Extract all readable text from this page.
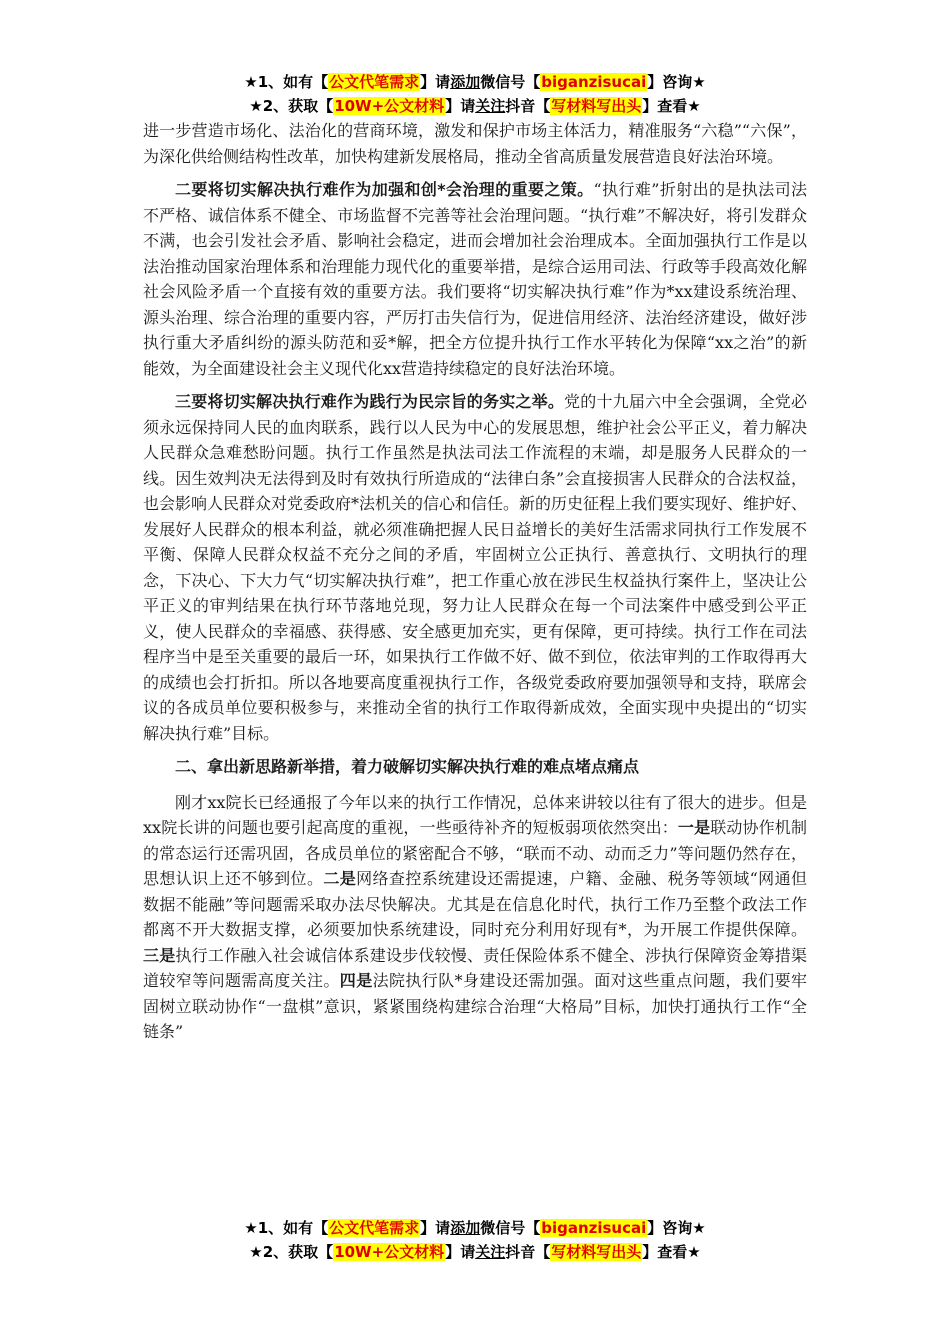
★1、如有【公文代笔需求】请添加微信号【biganzisucai】咨询★
★2、获取【10W+公文材料】请关注抖音【写材料写出头】查看★

进一步营造市场化、法治化的营商环境，激发和保护市场主体活力，精准服务“六稳”“六保”，为深化供给侧结构性改革，加快构建新发展格局，推动全省高质量发展营造良好法治环境。

二要将切实解决执行难作为加强和创*会治理的重要之策。“执行难”折射出的是执法司法不严格、诚信体系不健全、市场监督不完善等社会治理问题。“执行难”不解决好，将引发群众不满，也会引发社会矛盾、影响社会稳定，进而会增加社会治理成本。全面加强执行工作是以法治推动国家治理体系和治理能力现代化的重要举措，是综合运用司法、行政等手段高效化解社会风险矛盾一个直接有效的重要方法。我们要将“切实解决执行难”作为*xx建设系统治理、源头治理、综合治理的重要内容，严厉打击失信行为，促进信用经济、法治经济建设，做好涉执行重大矛盾纠纷的源头防范和妥*解，把全方位提升执行工作水平转化为保障“xx之治”的新能效，为全面建设社会主义现代化xx营造持续稳定的良好法治环境。

三要将切实解决执行难作为践行为民宗旨的务实之举。党的十九届六中全会强调，全党必须永远保持同人民的血肉联系，践行以人民为中心的发展思想，维护社会公平正义，着力解决人民群众急难愁盼问题。执行工作虽然是执法司法工作流程的末端，却是服务人民群众的一线。因生效判决无法得到及时有效执行所造成的“法律白条”会直接损害人民群众的合法权益，也会影响人民群众对党委政府*法机关的信心和信任。新的历史征程上我们要实现好、维护好、发展好人民群众的根本利益，就必须准确把握人民日益增长的美好生活需求同执行工作发展不平衡、保障人民群众权益不充分之间的矛盾，牢固树立公正执行、善意执行、文明执行的理念，下决心、下大力气“切实解决执行难”，把工作重心放在涉民生权益执行案件上，坚决让公平正义的审判结果在执行环节落地兑现，努力让人民群众在每一个司法案件中感受到公平正义，使人民群众的幸福感、获得感、安全感更加充实，更有保障，更可持续。执行工作在司法程序当中是至关重要的最后一环，如果执行工作做不好、做不到位，依法审判的工作取得再大的成绩也会打折扣。所以各地要高度重视执行工作，各级党委政府要加强领导和支持，联席会议的各成员单位要积极参与，来推动全省的执行工作取得新成效，全面实现中央提出的“切实解决执行难”目标。

二、拿出新思路新举措，着力破解切实解决执行难的难点堵点痛点

刚才xx院长已经通报了今年以来的执行工作情况，总体来讲较以往有了很大的进步。但是xx院长讲的问题也要引起高度的重视，一些亟待补齐的短板弱项依然突出：一是联动协作机制的常态运行还需巩固，各成员单位的紧密配合不够，“联而不动、动而乏力”等问题仍然存在，思想认识上还不够到位。二是网络查控系统建设还需提速，户籍、金融、税务等领域“网通但数据不能融”等问题需采取办法尽快解决。尤其是在信息化时代，执行工作乃至整个政法工作都离不开大数据支撑，必须要加快系统建设，同时充分利用好现有*，为开展工作提供保障。三是执行工作融入社会诚信体系建设步伐较慢、责任保险体系不健全、涉执行保障资金筹措渠道较窄等问题需高度关注。四是法院执行队*身建设还需加强。面对这些重点问题，我们要牢固树立联动协作“一盘棋”意识，紧紧围绕构建综合治理“大格局”目标，加快打通执行工作“全链条”

★1、如有【公文代笔需求】请添加微信号【biganzisucai】咨询★
★2、获取【10W+公文材料】请关注抖音【写材料写出头】查看★
